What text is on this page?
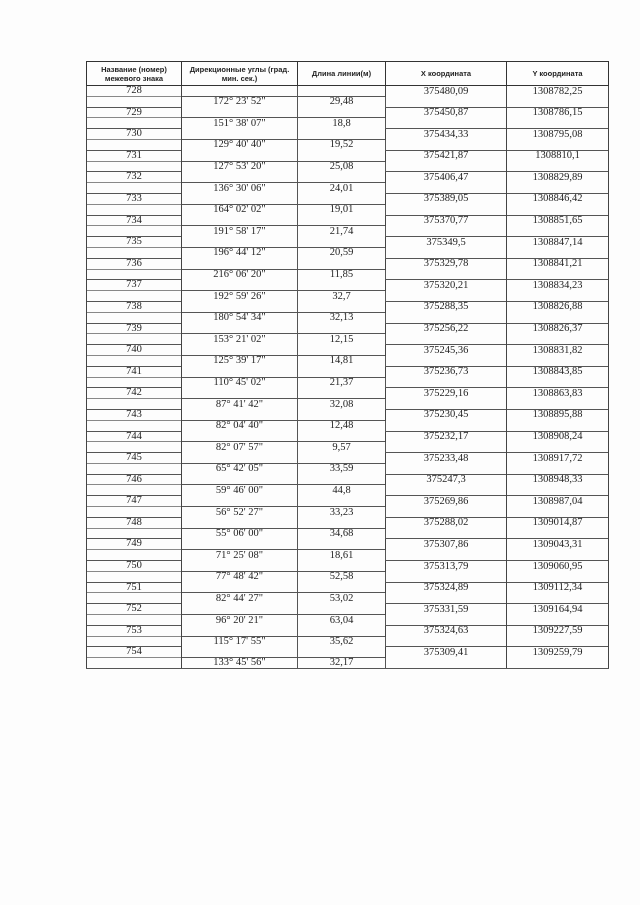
Название (номер) межевого знака	Дирекционные углы (град. мин. сек.)	Длина линии(м)	X координата	Y координата
728			375480,09	1308782,25
	172° 23' 52"	29,48		
729			375450,87	1308786,15
	151° 38' 07"	18,8		
730			375434,33	1308795,08
	129° 40' 40"	19,52		
731			375421,87	1308810,1
	127° 53' 20"	25,08		
732			375406,47	1308829,89
	136° 30' 06"	24,01		
733			375389,05	1308846,42
	164° 02' 02"	19,01		
734			375370,77	1308851,65
	191° 58' 17"	21,74		
735			375349,5	1308847,14
	196° 44' 12"	20,59		
736			375329,78	1308841,21
	216° 06' 20"	11,85		
737			375320,21	1308834,23
	192° 59' 26"	32,7		
738			375288,35	1308826,88
	180° 54' 34"	32,13		
739			375256,22	1308826,37
	153° 21' 02"	12,15		
740			375245,36	1308831,82
	125° 39' 17"	14,81		
741			375236,73	1308843,85
	110° 45' 02"	21,37		
742			375229,16	1308863,83
	87° 41' 42"	32,08		
743			375230,45	1308895,88
	82° 04' 40"	12,48		
744			375232,17	1308908,24
	82° 07' 57"	9,57		
745			375233,48	1308917,72
	65° 42' 05"	33,59		
746			375247,3	1308948,33
	59° 46' 00"	44,8		
747			375269,86	1308987,04
	56° 52' 27"	33,23		
748			375288,02	1309014,87
	55° 06' 00"	34,68		
749			375307,86	1309043,31
	71° 25' 08"	18,61		
750			375313,79	1309060,95
	77° 48' 42"	52,58		
751			375324,89	1309112,34
	82° 44' 27"	53,02		
752			375331,59	1309164,94
	96° 20' 21"	63,04		
753			375324,63	1309227,59
	115° 17' 55"	35,62		
754			375309,41	1309259,79
	133° 45' 56"	32,17		
